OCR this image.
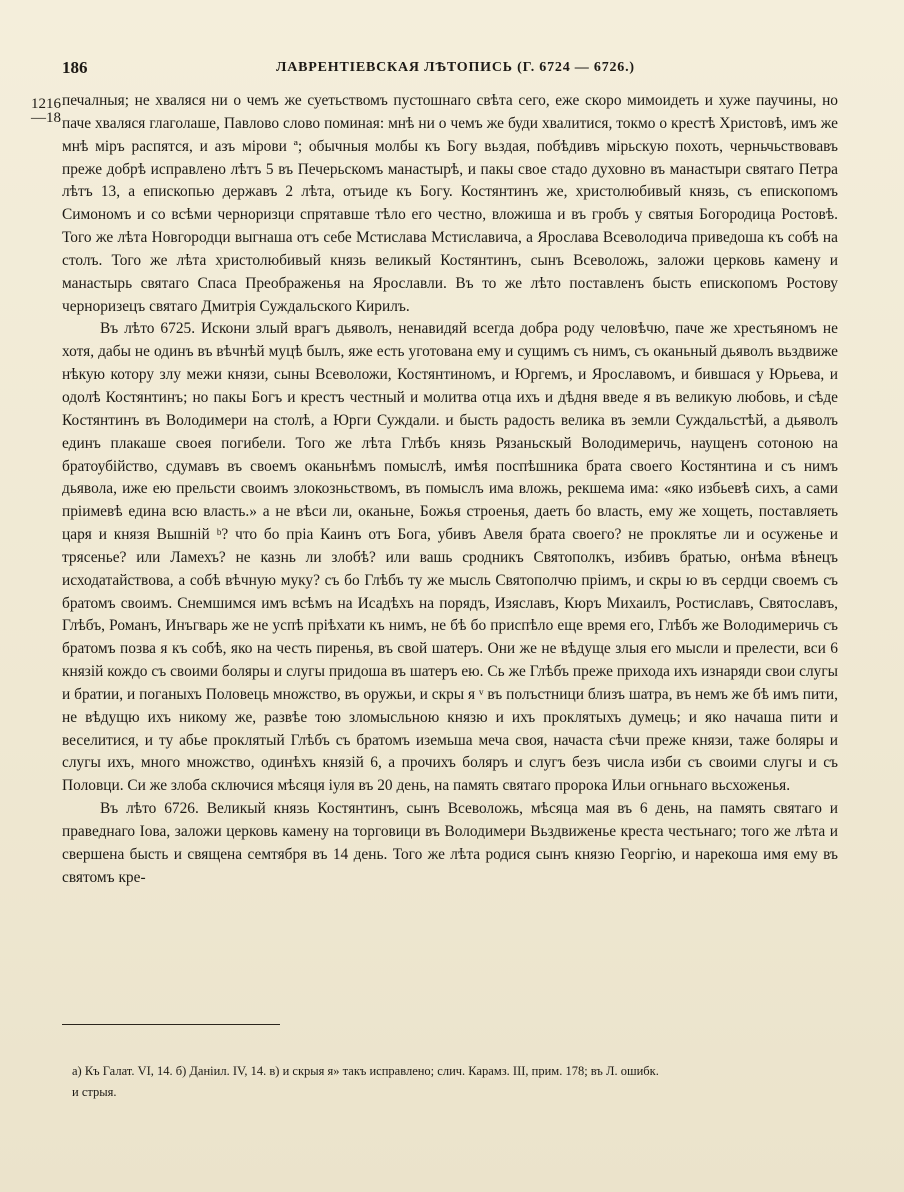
186	ЛАВРЕНТІЕВСКАЯ ЛѢТОПИСЬ (Г. 6724 — 6726.)
1216
—18

печалныя; не хваляся ни о чемъ же суетьствомъ пустошнаго свѣта сего, еже скоро мимоидеть и хуже паучины, но паче хваляся глаголаше, Павлово слово поминая: мнѣ ни о чемъ же буди хвалитися, токмо о крестѣ Христовѣ, имъ же мнѣ міръ распятся, и азъ мірови ª; обычныя молбы къ Богу вьздая, побѣдивъ мірьскую похоть, черньчьствовавъ преже добрѣ исправлено лѣтъ 5 въ Печерьскомъ манастырѣ, и пакы свое стадо духовно въ манастыри святаго Петра лѣтъ 13, а епископью державъ 2 лѣта, отъиде къ Богу. Костянтинъ же, христолюбивый князь, съ епископомъ Симономъ и со всѣми черноризци спрятавше тѣло его честно, вложиша и въ гробъ у святыя Богородица Ростовѣ. Того же лѣта Новгородци выгнаша отъ себе Мстислава Мстиславича, а Ярослава Всеволодича приведоша къ собѣ на столъ. Того же лѣта христолюбивый князь великый Костянтинъ, сынъ Всеволожь, заложи церковь камену и манастырь святаго Спаса Преображенья на Ярославли. Въ то же лѣто поставленъ бысть епископомъ Ростову черноризецъ святаго Дмитрія Суждальского Кирилъ.

Въ лѣто 6725. Искони злый врагъ дьяволъ, ненавидяй всегда добра роду человѣчю, паче же хрестьяномъ не хотя, дабы не одинъ въ вѣчнѣй муцѣ былъ, яже есть уготована ему и сущимъ съ нимъ, съ оканьный дьяволъ вьздвиже нѣкую котору злу межи князи, сыны Всеволожи, Костянтиномъ, и Юргемъ, и Ярославомъ, и бившася у Юрьева, и одолѣ Костянтинъ; но пакы Богъ и крестъ честный и молитва отца ихъ и дѣдня введе я въ великую любовь, и сѣде Костянтинъ въ Володимери на столѣ, а Юрги Суждали. и бысть радость велика въ земли Суждальстѣй, а дьяволъ единъ плакаше своея погибели. Того же лѣта Глѣбъ князь Рязаньскый Володимеричь, наущенъ сотоною на братоубійство, сдумавъ въ своемъ оканьнѣмъ помыслѣ, имѣя поспѣшника брата своего Костянтина и съ нимъ дьявола, иже ею прельсти своимъ злокозньствомъ, въ помыслъ има вложь, рекшема има: «яко избьевѣ сихъ, а сами пріимевѣ едина всю власть.» а не вѣси ли, оканьне, Божья строенья, даеть бо власть, ему же хощеть, поставляеть царя и князя Вышній ᵇ? что бо пріа Каинъ отъ Бога, убивъ Авеля брата своего? не проклятье ли и осуженье и трясенье? или Ламехъ? не казнь ли злобѣ? или вашь сродникъ Святополкъ, избивъ братью, онѣма вѣнецъ исходатайствова, а собѣ вѣчную муку? съ бо Глѣбъ ту же мысль Святополчю пріимъ, и скры ю въ сердци своемъ съ братомъ своимъ. Снемшимся имъ всѣмъ на Исадѣхъ на порядъ, Изяславъ, Кюръ Михаилъ, Ростиславъ, Святославъ, Глѣбъ, Романъ, Инъгварь же не успѣ пріѣхати къ нимъ, не бѣ бо приспѣло еще время его, Глѣбъ же Володимеричь съ братомъ позва я къ собѣ, яко на честь пиренья, въ свой шатеръ. Они же не вѣдуще злыя его мысли и прелести, вси 6 князій кождо съ своими боляры и слугы придоша въ шатеръ ею. Сь же Глѣбъ преже прихода ихъ изнаряди свои слугы и братии, и поганыхъ Половець множство, въ оружьи, и скры я ᵛ въ полъстници близъ шатра, въ немъ же бѣ имъ пити, не вѣдущю ихъ никому же, развѣе тою зломысльною князю и ихъ проклятыхъ думець; и яко начаша пити и веселитися, и ту абье проклятый Глѣбъ съ братомъ иземьша меча своя, начаста сѣчи преже князи, таже боляры и слугы ихъ, много множство, одинѣхъ князій 6, а прочихъ боляръ и слугъ безъ числа изби съ своими слугы и съ Половци. Си же злоба сключися мѣсяця іуля въ 20 день, на память святаго пророка Ильи огньнаго вьсхоженья.

Въ лѣто 6726. Великый князь Костянтинъ, сынъ Всеволожь, мѣсяца мая въ 6 день, на память святаго и праведнаго Іова, заложи церковь камену на торговици въ Володимери Вьздвиженье креста честьнаго; того же лѣта и свершена бысть и священа семтября въ 14 день. Того же лѣта родися сынъ князю Георгію, и нарекоша имя ему въ святомъ кре-

а) Къ Галат. VI, 14. б) Даніил. IV, 14. в) и скрыя я» такъ исправлено; слич. Карамз. III, прим. 178; въ Л. ошибк.

и стрыя.
